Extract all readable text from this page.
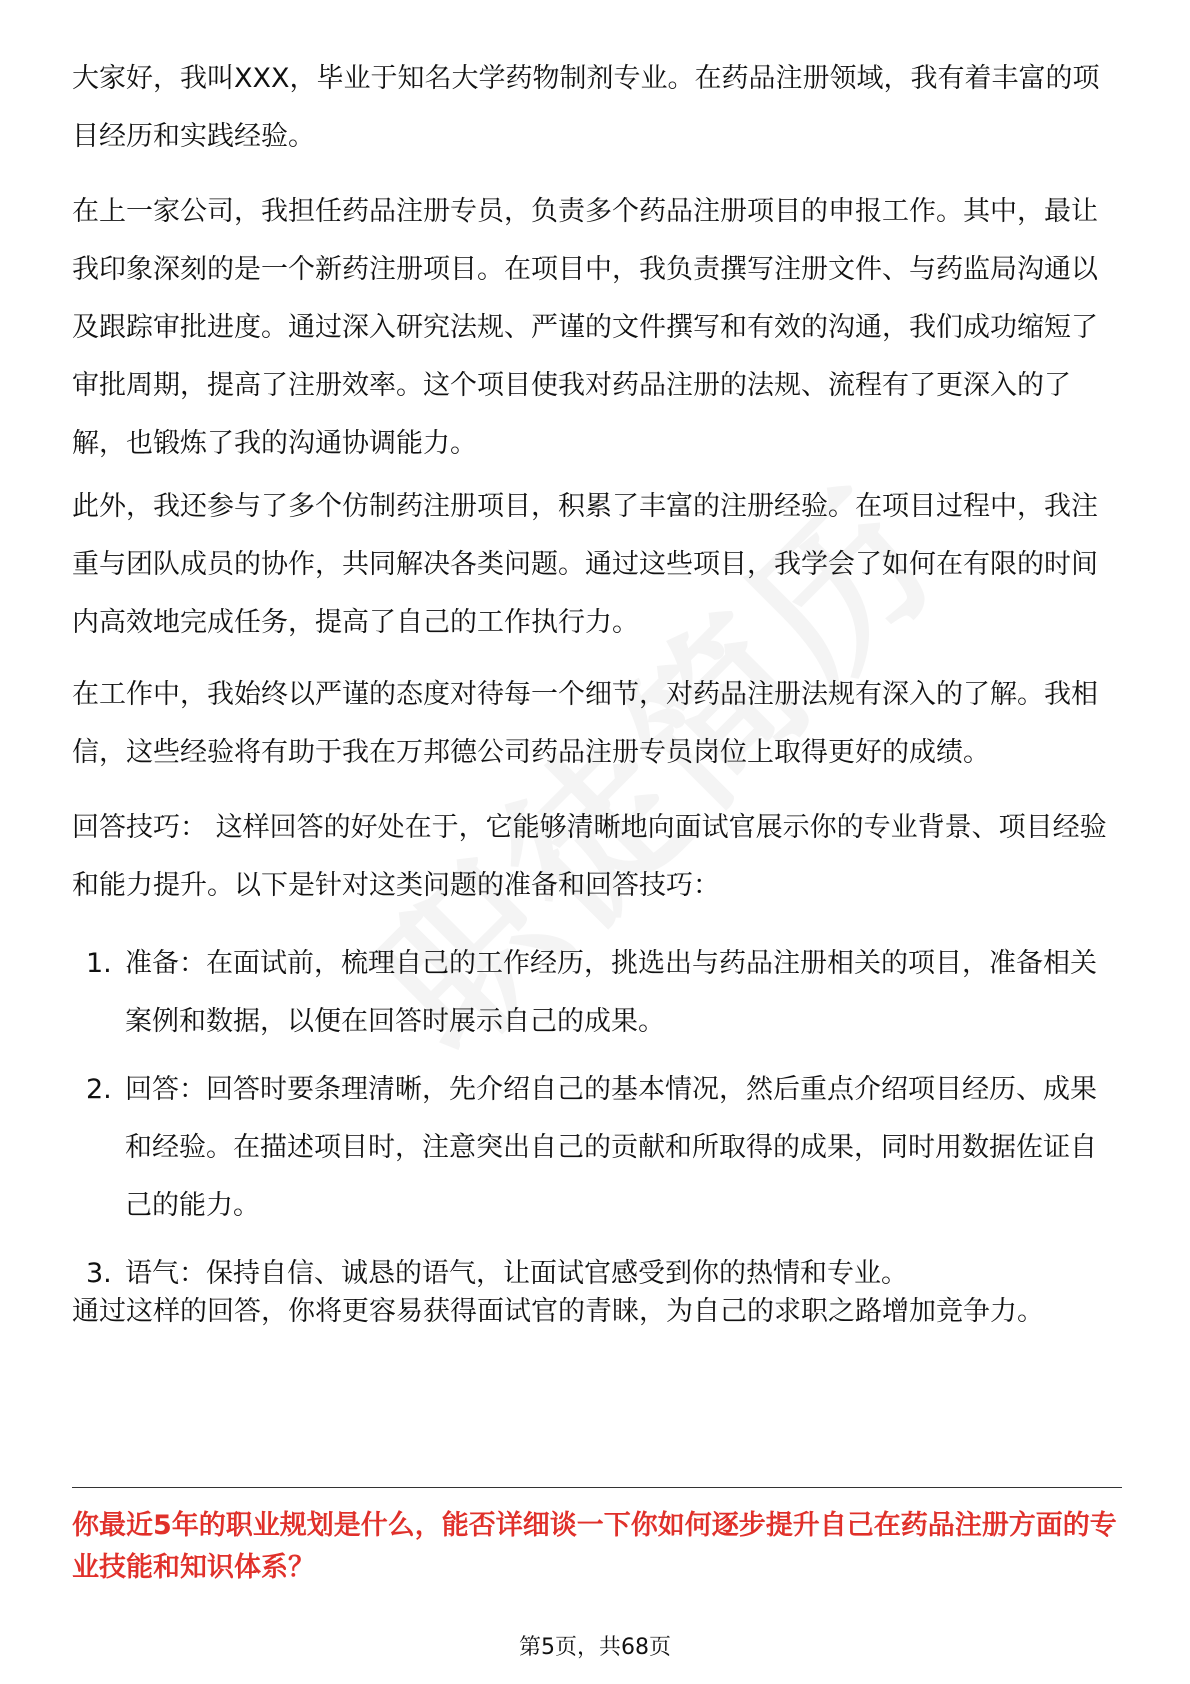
大家好，我叫XXX，毕业于知名大学药物制剂专业。在药品注册领域，我有着丰富的项目经历和实践经验。

在上一家公司，我担任药品注册专员，负责多个药品注册项目的申报工作。其中，最让我印象深刻的是一个新药注册项目。在项目中，我负责撰写注册文件、与药监局沟通以及跟踪审批进度。通过深入研究法规、严谨的文件撰写和有效的沟通，我们成功缩短了审批周期，提高了注册效率。这个项目使我对药品注册的法规、流程有了更深入的了解，也锻炼了我的沟通协调能力。

此外，我还参与了多个仿制药注册项目，积累了丰富的注册经验。在项目过程中，我注重与团队成员的协作，共同解决各类问题。通过这些项目，我学会了如何在有限的时间内高效地完成任务，提高了自己的工作执行力。

在工作中，我始终以严谨的态度对待每一个细节，对药品注册法规有深入的了解。我相信，这些经验将有助于我在万邦德公司药品注册专员岗位上取得更好的成绩。

回答技巧： 这样回答的好处在于，它能够清晰地向面试官展示你的专业背景、项目经验和能力提升。以下是针对这类问题的准备和回答技巧：

1. 准备：在面试前，梳理自己的工作经历，挑选出与药品注册相关的项目，准备相关案例和数据，以便在回答时展示自己的成果。
2. 回答：回答时要条理清晰，先介绍自己的基本情况，然后重点介绍项目经历、成果和经验。在描述项目时，注意突出自己的贡献和所取得的成果，同时用数据佐证自己的能力。
3. 语气：保持自信、诚恳的语气，让面试官感受到你的热情和专业。

通过这样的回答，你将更容易获得面试官的青睐，为自己的求职之路增加竞争力。

你最近5年的职业规划是什么，能否详细谈一下你如何逐步提升自己在药品注册方面的专业技能和知识体系？

第5页，共68页
